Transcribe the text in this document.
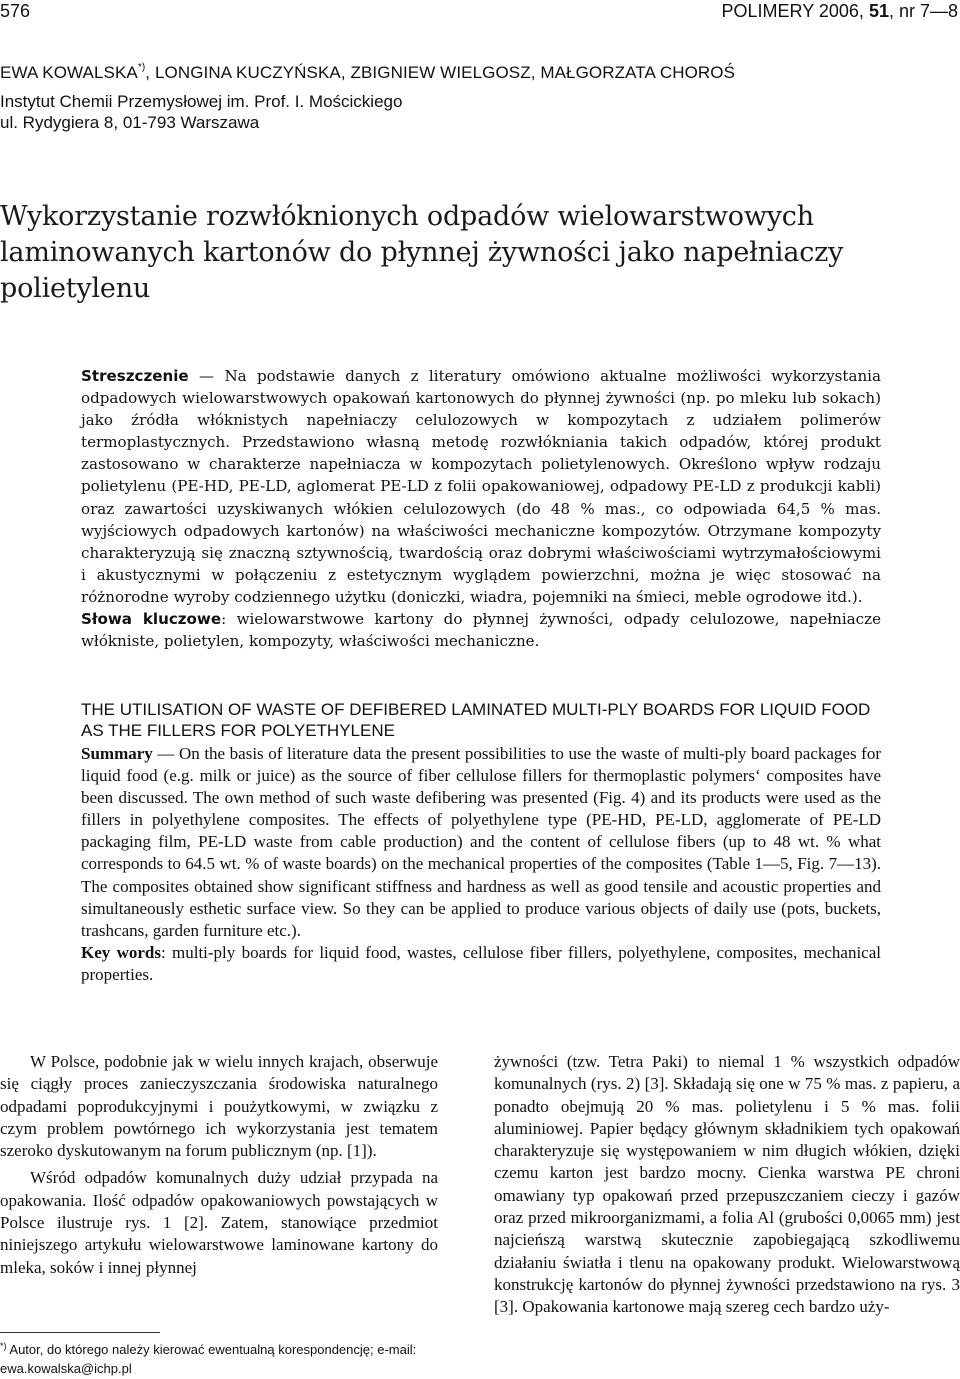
576	POLIMERY 2006, 51, nr 7—8
EWA KOWALSKA*), LONGINA KUCZYŃSKA, ZBIGNIEW WIELGOSZ, MAŁGORZATA CHOROŚ
Instytut Chemii Przemysłowej im. Prof. I. Mościckiego
ul. Rydygiera 8, 01-793 Warszawa
Wykorzystanie rozwłóknionych odpadów wielowarstwowych
laminowanych kartonów do płynnej żywności jako napełniaczy
polietylenu

Streszczenie — Na podstawie danych z literatury omówiono aktualne możliwości wykorzystania odpadowych wielowarstwowych opakowań kartonowych do płynnej żywności (np. po mleku lub sokach) jako źródła włóknistych napełniaczy celulozowych w kompozytach z udziałem polimerów termoplastycznych. Przedstawiono własną metodę rozwłókniania takich odpadów, której produkt zastosowano w charakterze napełniacza w kompozytach polietylenowych. Określono wpływ rodzaju polietylenu (PE-HD, PE-LD, aglomerat PE-LD z folii opakowaniowej, odpadowy PE-LD z produkcji kabli) oraz zawartości uzyskiwanych włókien celulozowych (do 48 % mas., co odpowiada 64,5 % mas. wyjściowych odpadowych kartonów) na właściwości mechaniczne kompozytów. Otrzymane kompozyty charakteryzują się znaczną sztywnością, twardością oraz dobrymi właściwościami wytrzymałościowymi i akustycznymi w połączeniu z estetycznym wyglądem powierzchni, można je więc stosować na różnorodne wyroby codziennego użytku (doniczki, wiadra, pojemniki na śmieci, meble ogrodowe itd.).

Słowa kluczowe: wielowarstwowe kartony do płynnej żywności, odpady celulozowe, napełniacze włókniste, polietylen, kompozyty, właściwości mechaniczne.

THE UTILISATION OF WASTE OF DEFIBERED LAMINATED MULTI-PLY BOARDS FOR LIQUID FOOD AS THE FILLERS FOR POLYETHYLENE

Summary — On the basis of literature data the present possibilities to use the waste of multi-ply board packages for liquid food (e.g. milk or juice) as the source of fiber cellulose fillers for thermoplastic polymers‘ composites have been discussed. The own method of such waste defibering was presented (Fig. 4) and its products were used as the fillers in polyethylene composites. The effects of polyethylene type (PE-HD, PE-LD, agglomerate of PE-LD packaging film, PE-LD waste from cable production) and the content of cellulose fibers (up to 48 wt. % what corresponds to 64.5 wt. % of waste boards) on the mechanical properties of the composites (Table 1—5, Fig. 7—13). The composites obtained show significant stiffness and hardness as well as good tensile and acoustic properties and simultaneously esthetic surface view. So they can be applied to produce various objects of daily use (pots, buckets, trashcans, garden furniture etc.).

Key words: multi-ply boards for liquid food, wastes, cellulose fiber fillers, polyethylene, composites, mechanical properties.

W Polsce, podobnie jak w wielu innych krajach, obserwuje się ciągły proces zanieczyszczania środowiska naturalnego odpadami poprodukcyjnymi i poużytkowymi, w związku z czym problem powtórnego ich wykorzystania jest tematem szeroko dyskutowanym na forum publicznym (np. [1]).

Wśród odpadów komunalnych duży udział przypada na opakowania. Ilość odpadów opakowaniowych powstających w Polsce ilustruje rys. 1 [2]. Zatem, stanowiące przedmiot niniejszego artykułu wielowarstwowe laminowane kartony do mleka, soków i innej płynnej

żywności (tzw. Tetra Paki) to niemal 1 % wszystkich odpadów komunalnych (rys. 2) [3]. Składają się one w 75 % mas. z papieru, a ponadto obejmują 20 % mas. polietylenu i 5 % mas. folii aluminiowej. Papier będący głównym składnikiem tych opakowań charakteryzuje się występowaniem w nim długich włókien, dzięki czemu karton jest bardzo mocny. Cienka warstwa PE chroni omawiany typ opakowań przed przepuszczaniem cieczy i gazów oraz przed mikroorganizmami, a folia Al (grubości 0,0065 mm) jest najcieńszą warstwą skutecznie zapobiegającą szkodliwemu działaniu światła i tlenu na opakowany produkt. Wielowarstwową konstrukcję kartonów do płynnej żywności przedstawiono na rys. 3 [3]. Opakowania kartonowe mają szereg cech bardzo uży-

*) Autor, do którego należy kierować ewentualną korespondencję; e-mail: ewa.kowalska@ichp.pl
